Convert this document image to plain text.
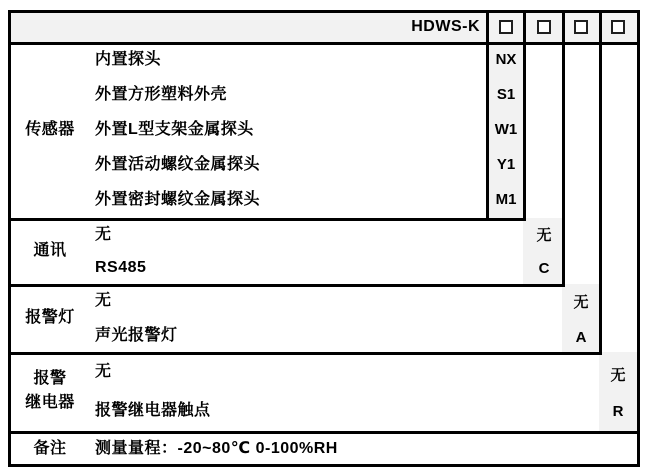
HDWS-K
传感器
内置探头
外置方形塑料外壳
外置L型支架金属探头
外置活动螺纹金属探头
外置密封螺纹金属探头
NX
S1
W1
Y1
M1
通讯
无
RS485
无
C
报警灯
无
声光报警灯
无
A
报警
继电器
无
报警继电器触点
无
R
备注	测量量程：-20~80℃ 0-100%RH
